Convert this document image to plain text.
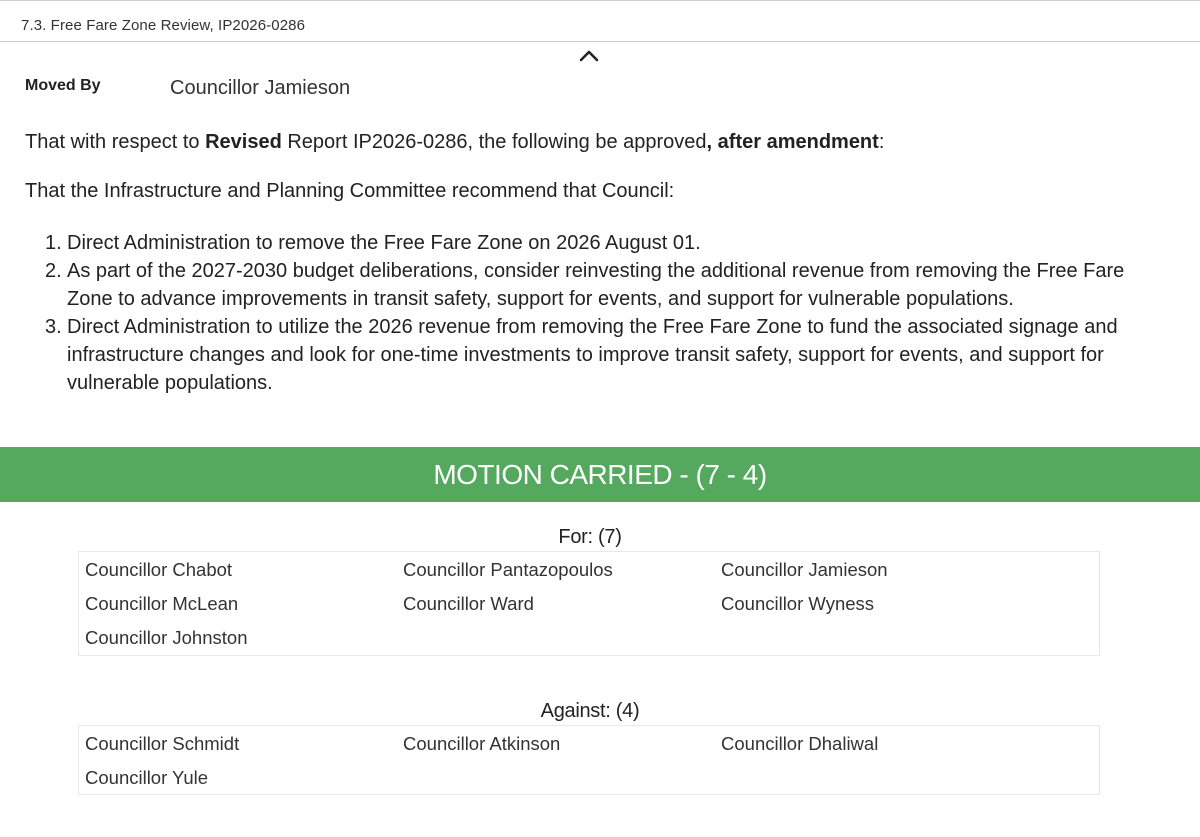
7.3. Free Fare Zone Review, IP2026-0286
Moved By	Councillor Jamieson
That with respect to Revised Report IP2026-0286, the following be approved, after amendment:
That the Infrastructure and Planning Committee recommend that Council:
1. Direct Administration to remove the Free Fare Zone on 2026 August 01.
2. As part of the 2027-2030 budget deliberations, consider reinvesting the additional revenue from removing the Free Fare Zone to advance improvements in transit safety, support for events, and support for vulnerable populations.
3. Direct Administration to utilize the 2026 revenue from removing the Free Fare Zone to fund the associated signage and infrastructure changes and look for one-time investments to improve transit safety, support for events, and support for vulnerable populations.
MOTION CARRIED - (7 - 4)
For: (7)
Councillor Chabot	Councillor Pantazopoulos	Councillor Jamieson
Councillor McLean	Councillor Ward	Councillor Wyness
Councillor Johnston
Against: (4)
Councillor Schmidt	Councillor Atkinson	Councillor Dhaliwal
Councillor Yule
